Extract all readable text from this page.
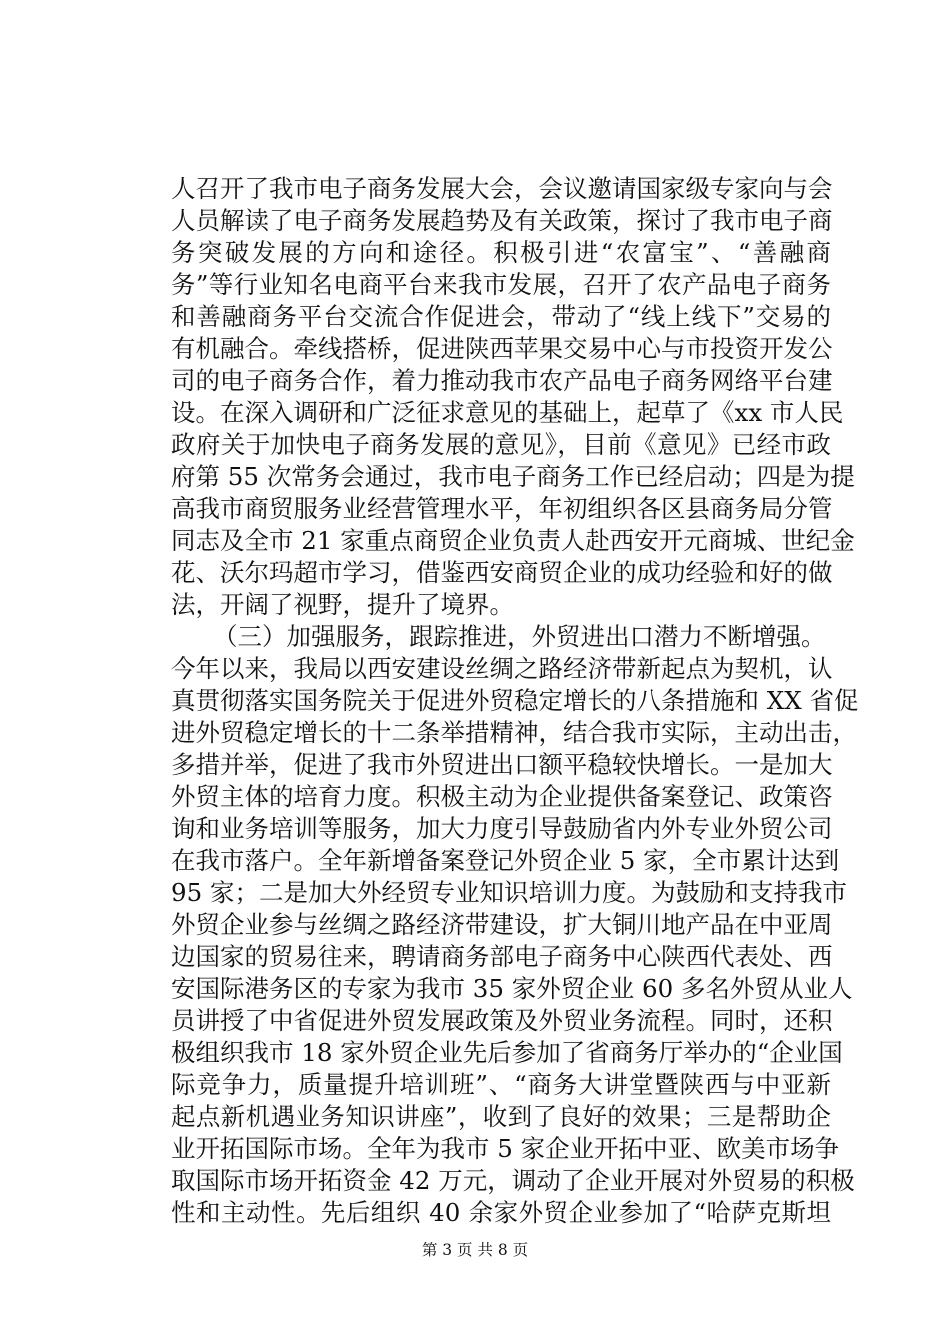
人召开了我市电子商务发展大会，会议邀请国家级专家向与会
人员解读了电子商务发展趋势及有关政策，探讨了我市电子商
务突破发展的方向和途径。积极引进“农富宝”、“善融商
务”等行业知名电商平台来我市发展，召开了农产品电子商务
和善融商务平台交流合作促进会，带动了“线上线下”交易的
有机融合。牵线搭桥，促进陕西苹果交易中心与市投资开发公
司的电子商务合作，着力推动我市农产品电子商务网络平台建
设。在深入调研和广泛征求意见的基础上，起草了《xx 市人民
政府关于加快电子商务发展的意见》，目前《意见》已经市政
府第 55 次常务会通过，我市电子商务工作已经启动；四是为提
高我市商贸服务业经营管理水平，年初组织各区县商务局分管
同志及全市 21 家重点商贸企业负责人赴西安开元商城、世纪金
花、沃尔玛超市学习，借鉴西安商贸企业的成功经验和好的做
法，开阔了视野，提升了境界。
（三）加强服务，跟踪推进，外贸进出口潜力不断增强。
今年以来，我局以西安建设丝绸之路经济带新起点为契机，认
真贯彻落实国务院关于促进外贸稳定增长的八条措施和 XX 省促
进外贸稳定增长的十二条举措精神，结合我市实际，主动出击，
多措并举，促进了我市外贸进出口额平稳较快增长。一是加大
外贸主体的培育力度。积极主动为企业提供备案登记、政策咨
询和业务培训等服务，加大力度引导鼓励省内外专业外贸公司
在我市落户。全年新增备案登记外贸企业 5 家，全市累计达到
95 家；二是加大外经贸专业知识培训力度。为鼓励和支持我市
外贸企业参与丝绸之路经济带建设，扩大铜川地产品在中亚周
边国家的贸易往来，聘请商务部电子商务中心陕西代表处、西
安国际港务区的专家为我市 35 家外贸企业 60 多名外贸从业人
员讲授了中省促进外贸发展政策及外贸业务流程。同时，还积
极组织我市 18 家外贸企业先后参加了省商务厅举办的“企业国
际竞争力，质量提升培训班”、“商务大讲堂暨陕西与中亚新
起点新机遇业务知识讲座”，收到了良好的效果；三是帮助企
业开拓国际市场。全年为我市 5 家企业开拓中亚、欧美市场争
取国际市场开拓资金 42 万元，调动了企业开展对外贸易的积极
性和主动性。先后组织 40 余家外贸企业参加了“哈萨克斯坦
第 3 页 共 8 页
